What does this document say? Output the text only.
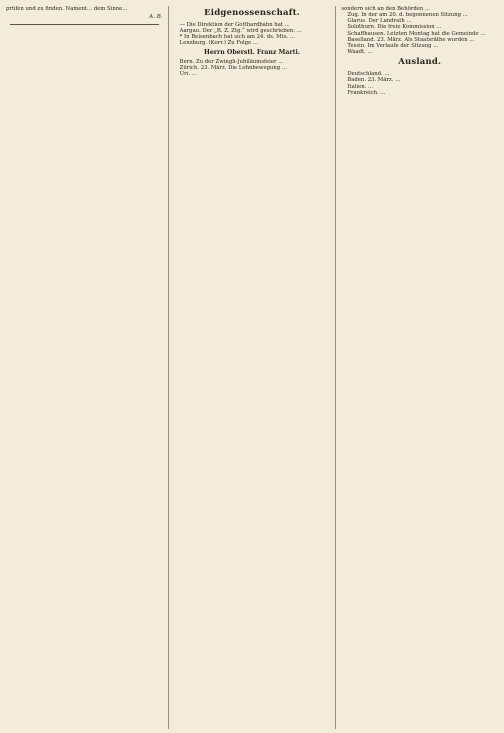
prüfen und zu finden. Nament... dem Sinne...

A. B.	Eidgenossenschaft.

— Die Direktion der Gotthardbahn hat ...

Aargau. Der „R. Z. Ztg.“ wird geschrieben: ...

* In Reisenbach hat sich am 24. ds. Mts. ...

Lenzburg. (Korr.) Zu Folge ...

Herrn Oberstl. Franz Marti.

Bern. Zu der Zwingli-Jubiläumsfeier ...

Zürich. 23. März. Die Lohnbewegung ...

Uri. ...

sondern sich an den Behörden ...

Zug. In der am 20. d. begonnenen Sitzung ...

Glarus. Der Landrath ...

Solothurn. Die freie Kommission ...

Schaffhausen. Letzten Montag hat die Gemeinde ...

Baselland. 23. März. Als Staatsräthe wurden ...

Tessin. Im Verlaufe der Sitzung ...

Waadt. ...

Ausland.

Deutschland. ...

Baden. 23. März. ...

Italien. ...

Frankreich. ...
